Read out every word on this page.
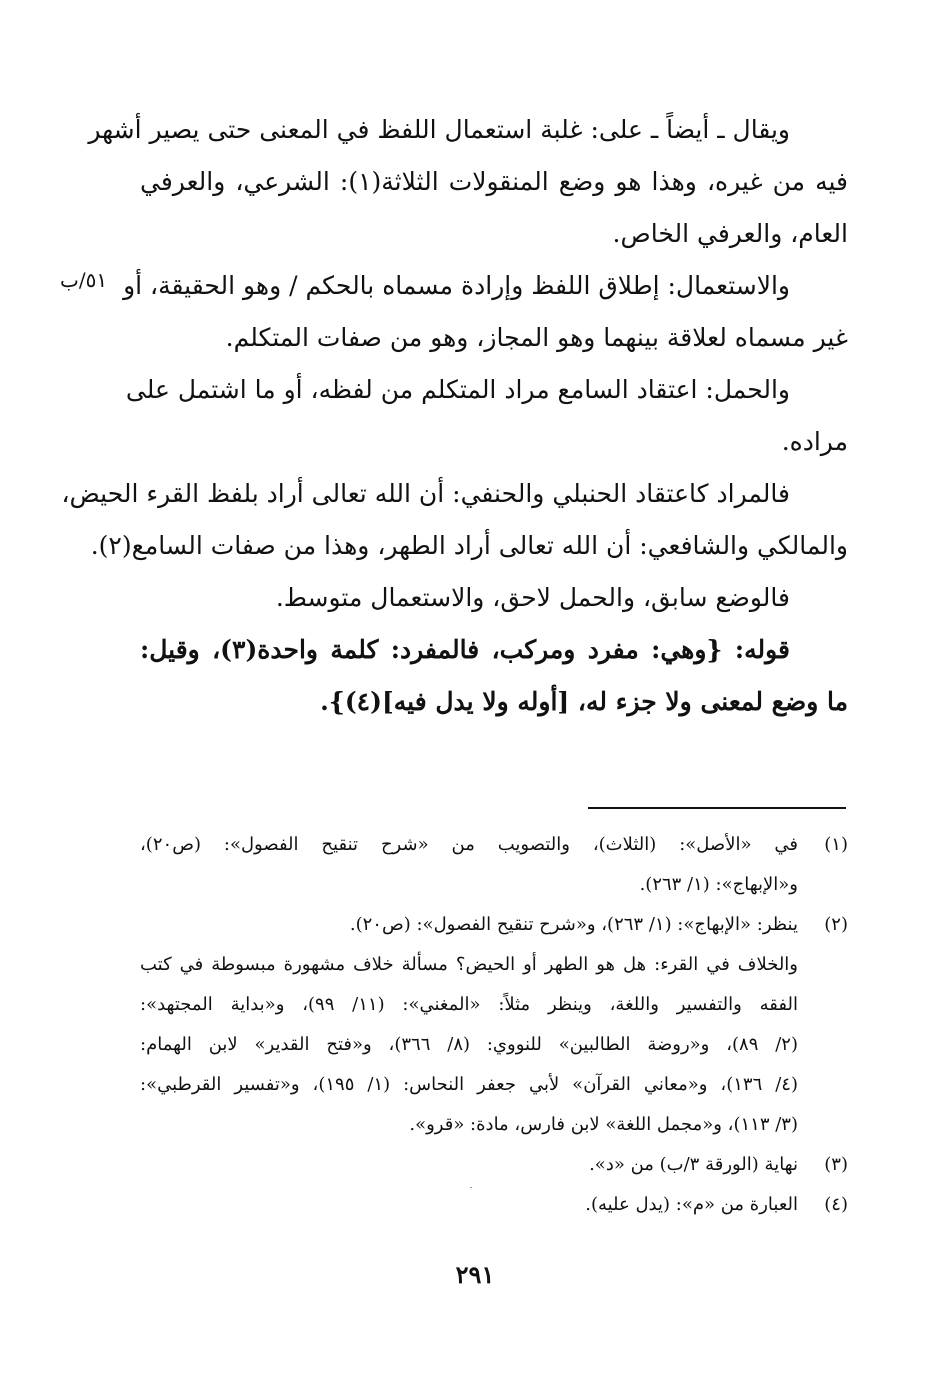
ويقال ـ أيضاً ـ على: غلبة استعمال اللفظ في المعنى حتى يصير أشهر
فيه من غيره، وهذا هو وضع المنقولات الثلاثة(١): الشرعي، والعرفي
العام، والعرفي الخاص.
والاستعمال: إطلاق اللفظ وإرادة مسماه بالحكم / وهو الحقيقة، أو
غير مسماه لعلاقة بينهما وهو المجاز، وهو من صفات المتكلم.
والحمل: اعتقاد السامع مراد المتكلم من لفظه، أو ما اشتمل على
مراده.
فالمراد كاعتقاد الحنبلي والحنفي: أن الله تعالى أراد بلفظ القرء الحيض،
والمالكي والشافعي: أن الله تعالى أراد الطهر، وهذا من صفات السامع(٢).
فالوضع سابق، والحمل لاحق، والاستعمال متوسط.
قوله: {وهي: مفرد ومركب، فالمفرد: كلمة واحدة(٣)، وقيل:
ما وضع لمعنى ولا جزء له، [أوله ولا يدل فيه](٤)}.
٥١/ب
(١)
في «الأصل»: (الثلاث)، والتصويب من «شرح تنقيح الفصول»: (ص٢٠)،
و«الإبهاج»: (١/ ٢٦٣).
(٢)
ينظر: «الإبهاج»: (١/ ٢٦٣)، و«شرح تنقيح الفصول»: (ص٢٠).
والخلاف في القرء: هل هو الطهر أو الحيض؟ مسألة خلاف مشهورة مبسوطة في كتب
الفقه والتفسير واللغة، وينظر مثلاً: «المغني»: (١١/ ٩٩)، و«بداية المجتهد»:
(٢/ ٨٩)، و«روضة الطالبين» للنووي: (٨/ ٣٦٦)، و«فتح القدير» لابن الهمام:
(٤/ ١٣٦)، و«معاني القرآن» لأبي جعفر النحاس: (١/ ١٩٥)، و«تفسير القرطبي»:
(٣/ ١١٣)، و«مجمل اللغة» لابن فارس، مادة: «قرو».
(٣)
نهاية (الورقة ٣/ب) من «د».
(٤)
العبارة من «م»: (يدل عليه).
٢٩١
